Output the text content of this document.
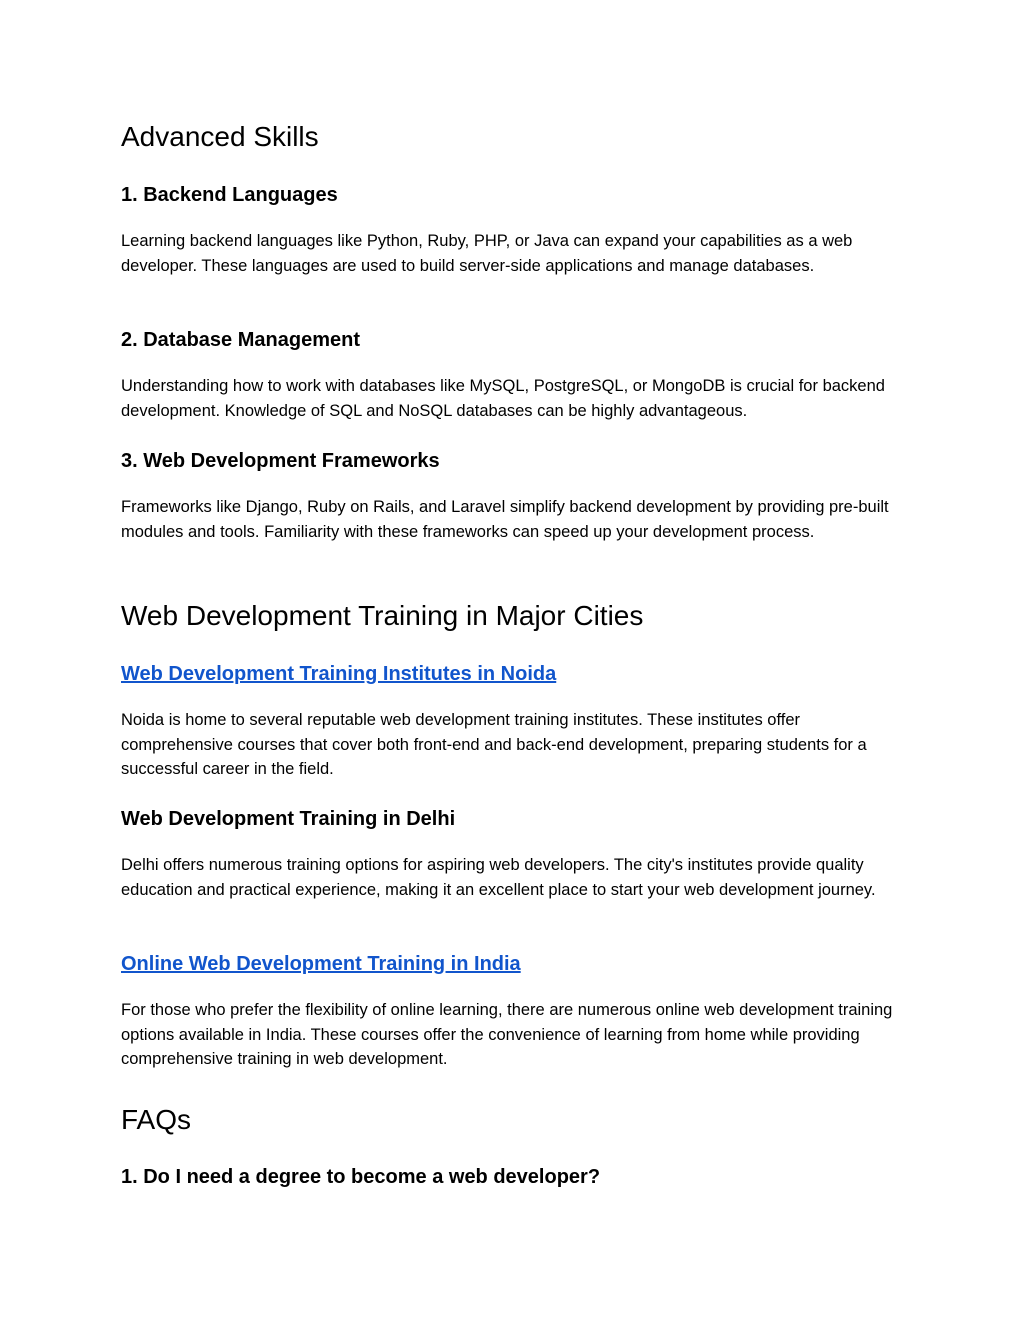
Advanced Skills
1. Backend Languages

Learning backend languages like Python, Ruby, PHP, or Java can expand your capabilities as a web developer. These languages are used to build server-side applications and manage databases.

2. Database Management

Understanding how to work with databases like MySQL, PostgreSQL, or MongoDB is crucial for backend development. Knowledge of SQL and NoSQL databases can be highly advantageous.

3. Web Development Frameworks

Frameworks like Django, Ruby on Rails, and Laravel simplify backend development by providing pre-built modules and tools. Familiarity with these frameworks can speed up your development process.

Web Development Training in Major Cities
Web Development Training Institutes in Noida

Noida is home to several reputable web development training institutes. These institutes offer comprehensive courses that cover both front-end and back-end development, preparing students for a successful career in the field.

Web Development Training in Delhi

Delhi offers numerous training options for aspiring web developers. The city's institutes provide quality education and practical experience, making it an excellent place to start your web development journey.

Online Web Development Training in India

For those who prefer the flexibility of online learning, there are numerous online web development training options available in India. These courses offer the convenience of learning from home while providing comprehensive training in web development.

FAQs
1. Do I need a degree to become a web developer?
